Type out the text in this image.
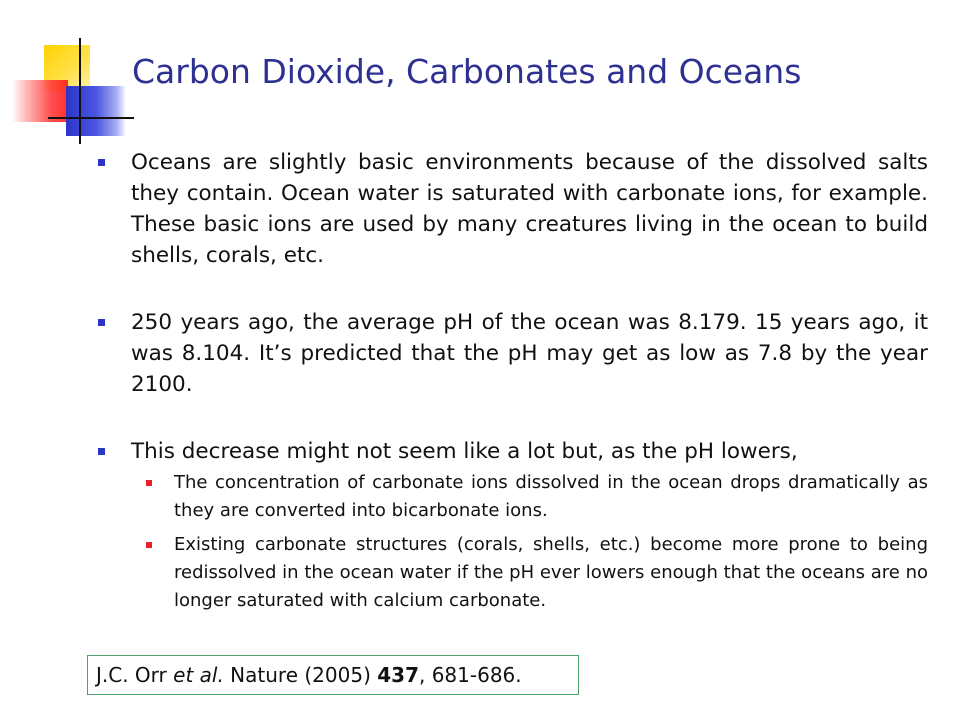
Carbon Dioxide, Carbonates and Oceans
Oceans are slightly basic environments because of the dissolved salts they contain. Ocean water is saturated with carbonate ions, for example. These basic ions are used by many creatures living in the ocean to build shells, corals, etc.
250 years ago, the average pH of the ocean was 8.179. 15 years ago, it was 8.104. It’s predicted that the pH may get as low as 7.8 by the year 2100.
This decrease might not seem like a lot but, as the pH lowers,
The concentration of carbonate ions dissolved in the ocean drops dramatically as they are converted into bicarbonate ions.
Existing carbonate structures (corals, shells, etc.) become more prone to being redissolved in the ocean water if the pH ever lowers enough that the oceans are no longer saturated with calcium carbonate.
J.C. Orr et al. Nature (2005) 437, 681-686.
